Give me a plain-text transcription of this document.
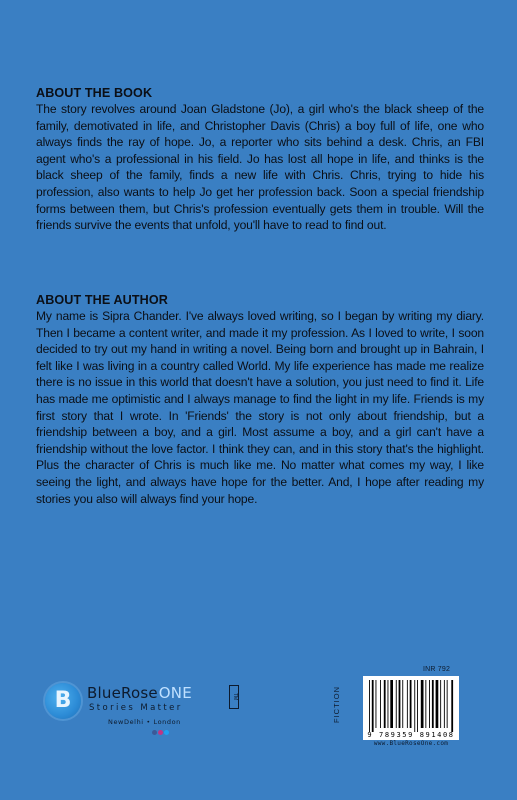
ABOUT THE BOOK

The story revolves around Joan Gladstone (Jo), a girl who's the black sheep of the family, demotivated in life, and Christopher Davis (Chris) a boy full of life, one who always finds the ray of hope. Jo, a reporter who sits behind a desk. Chris, an FBI agent who's a professional in his field. Jo has lost all hope in life, and thinks is the black sheep of the family, finds a new life with Chris. Chris, trying to hide his profession, also wants to help Jo get her profession back. Soon a special friendship forms between them, but Chris's profession eventually gets them in trouble. Will the friends survive the events that unfold, you'll have to read to find out.

ABOUT THE AUTHOR

My name is Sipra Chander. I've always loved writing, so I began by writing my diary. Then I became a content writer, and made it my profession. As I loved to write, I soon decided to try out my hand in writing a novel. Being born and brought up in Bahrain, I felt like I was living in a country called World. My life experience has made me realize there is no issue in this world that doesn't have a solution, you just need to find it. Life has made me optimistic and I always manage to find the light in my life. Friends is my first story that I wrote. In 'Friends' the story is not only about friendship, but a friendship between a boy, and a girl. Most assume a boy, and a girl can't have a friendship without the love factor. I think they can, and in this story that's the highlight. Plus the character of Chris is much like me. No matter what comes my way, I like seeing the light, and always have hope for the better. And, I hope after reading my stories you also will always find your hope.

B	BlueRoseONE	TM
Stories Matter
NewDelhi • London	FICTION
INR 792
9 789359 891408
www.BlueRoseOne.com
